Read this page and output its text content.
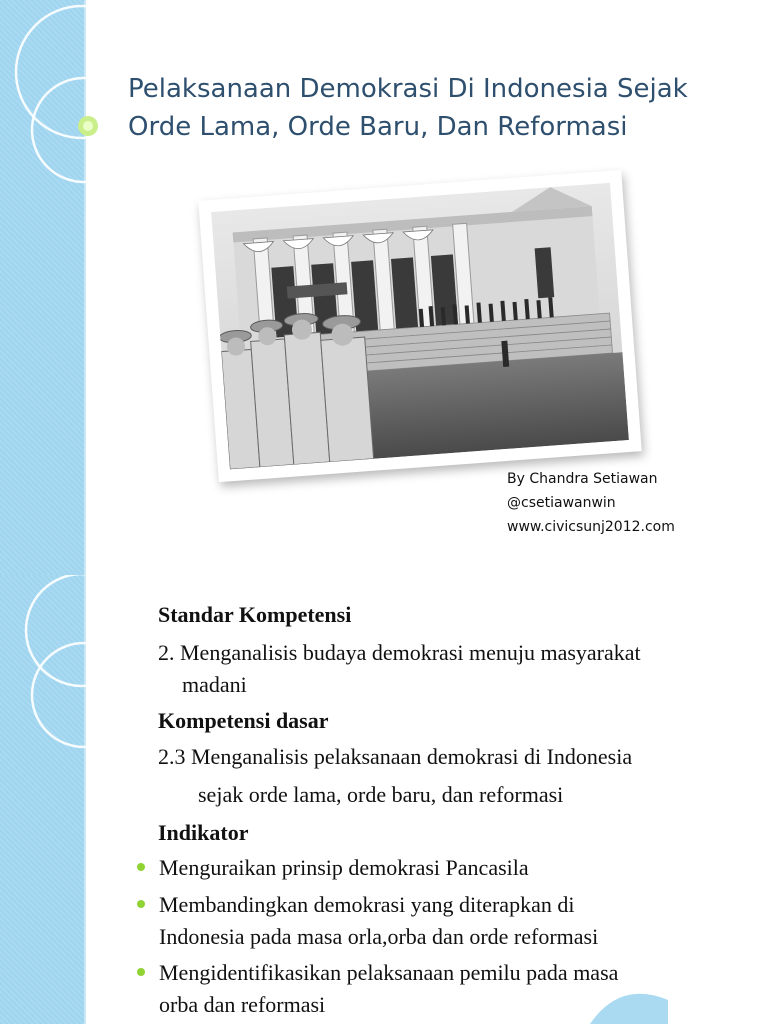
Pelaksanaan Demokrasi Di Indonesia Sejak
Orde Lama, Orde Baru, Dan Reformasi
By Chandra Setiawan
@csetiawanwin
www.civicsunj2012.com
Standar Kompetensi
2. Menganalisis budaya demokrasi menuju masyarakat
madani
Kompetensi dasar
2.3 Menganalisis pelaksanaan demokrasi di Indonesia
sejak orde lama, orde baru, dan reformasi
Indikator
Menguraikan prinsip demokrasi Pancasila
Membandingkan demokrasi yang diterapkan di
Indonesia pada masa orla,orba dan orde reformasi
Mengidentifikasikan pelaksanaan pemilu pada masa
orba dan reformasi
